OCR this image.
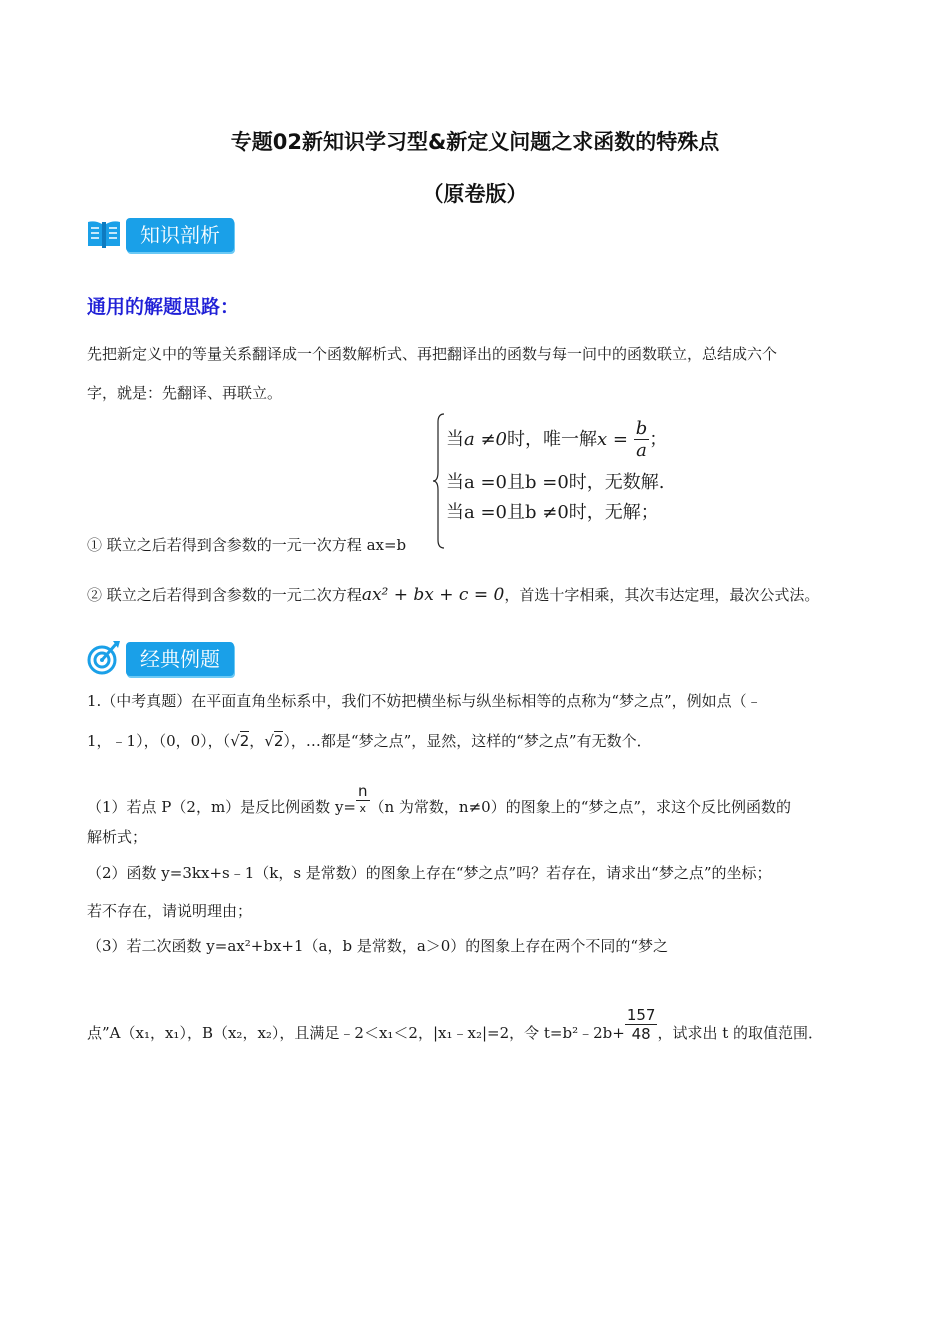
专题02新知识学习型&新定义问题之求函数的特殊点
（原卷版）
知识剖析
通用的解题思路：
先把新定义中的等量关系翻译成一个函数解析式、再把翻译出的函数与每一问中的函数联立，总结成六个
字，就是：先翻译、再联立。
当a ≠0时，唯一解$x = \frac{b}{a}$ ；
当a =0且b =0时，无数解.
当a =0且b ≠0时，无解；
① 联立之后若得到含参数的一元一次方程 ax=b
② 联立之后若得到含参数的一元二次方程ax² + bx + c = 0，首选十字相乘，其次韦达定理，最次公式法。
经典例题
1.（中考真题）在平面直角坐标系中，我们不妨把横坐标与纵坐标相等的点称为“梦之点”，例如点（﹣
1，﹣1），（0，0），（√2，√2），…都是“梦之点”，显然，这样的“梦之点”有无数个．
（1）若点 P（2，m）是反比例函数 $y= \frac{n}{x} (n$ 为常数，n≠0）的图象上的“梦之点”，求这个反比例函数的
解析式；
（2）函数 y=3kx+s﹣1（k，s 是常数）的图象上存在“梦之点”吗？若存在，请求出“梦之点”的坐标；
若不存在，请说明理由；
（3）若二次函数 y=ax²+bx+1（a，b 是常数，a＞0）的图象上存在两个不同的“梦之
点”A（x₁，x₁），B（x₂，x₂），且满足﹣2＜x₁＜2，|x₁﹣x₂|=2，令 t=b²﹣2b+ $\frac{157}{48}$ ，试求出 t 的取值范围．
